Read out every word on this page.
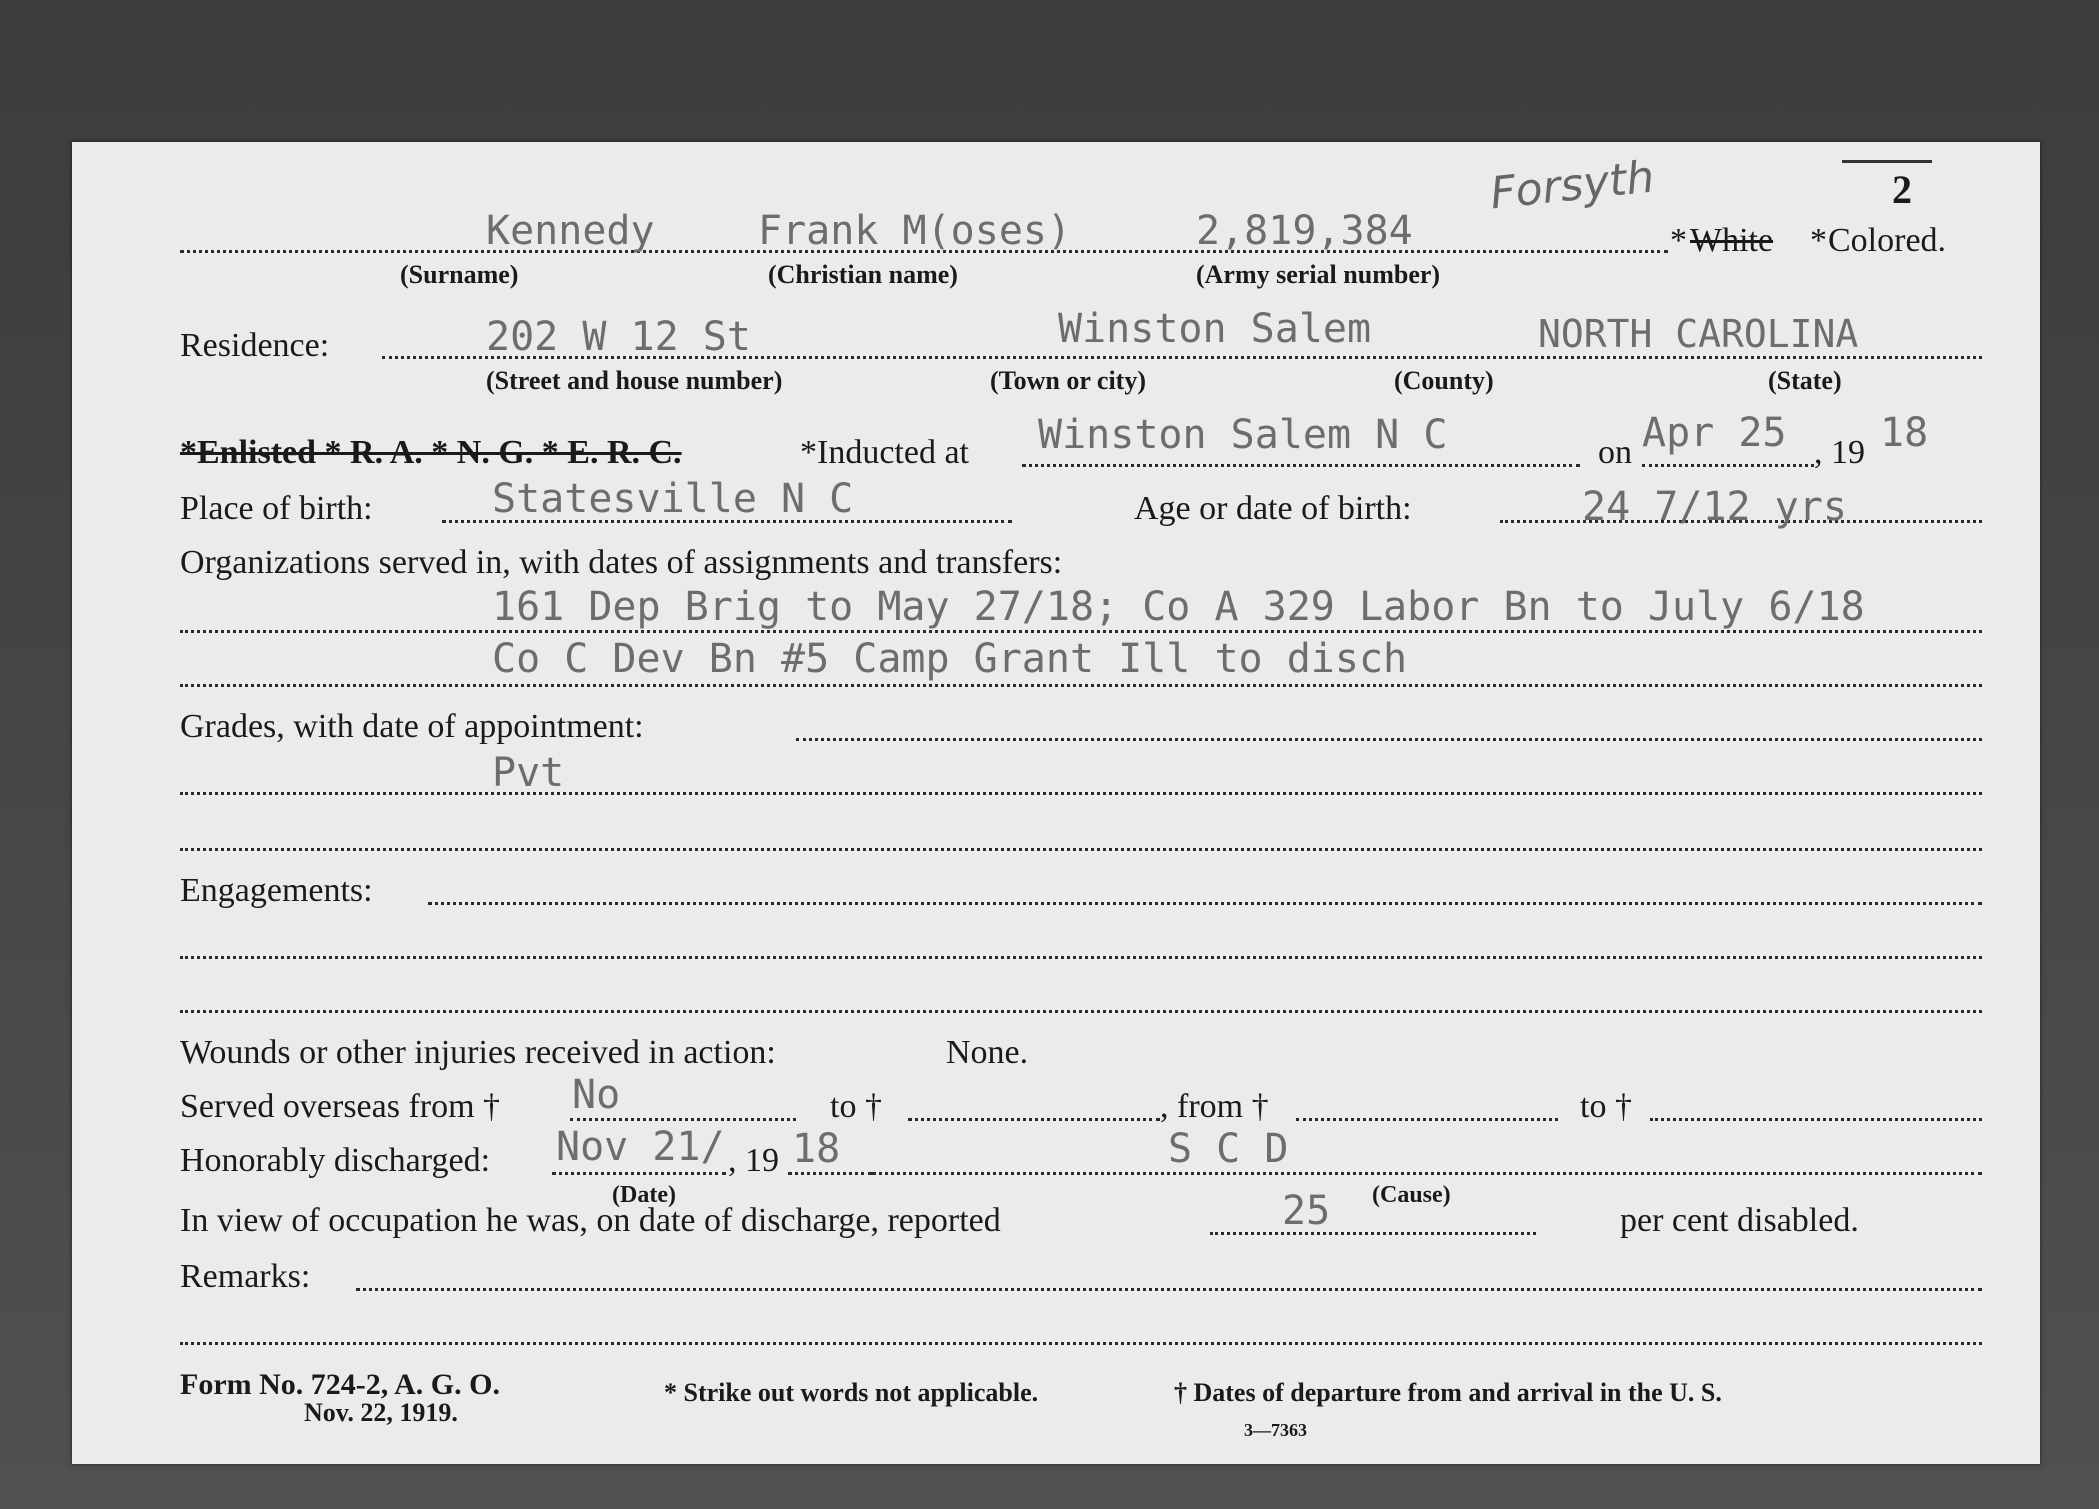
2
Forsyth
Kennedy	Frank M(oses)	2,819,384	* White * Colored.
(Surname)	(Christian name)	(Army serial number)
Residence:	202 W 12 St	Winston Salem	NORTH CAROLINA
(Street and house number)	(Town or city)	(County)	(State)
*Enlisted * R. A. * N. G. * E. R. C.	*Inducted at Winston Salem N C	on Apr 25 , 19 18
Place of birth:	Statesville N C	Age or date of birth:	24 7/12 yrs
Organizations served in, with dates of assignments and transfers:
161 Dep Brig to May 27/18; Co A 329 Labor Bn to July 6/18
Co C Dev Bn #5 Camp Grant Ill to disch
Grades, with date of appointment:
Pvt
Engagements:
Wounds or other injuries received in action:	None.
Served overseas from † No	to †	, from †	to †
Honorably discharged: Nov 21/ , 19 18	S C D
(Date)	(Cause)
In view of occupation he was, on date of discharge, reported	25	per cent disabled.
Remarks:
Form No. 724-2, A. G. O.
Nov. 22, 1919.
* Strike out words not applicable.	† Dates of departure from and arrival in the U. S.
3—7363
